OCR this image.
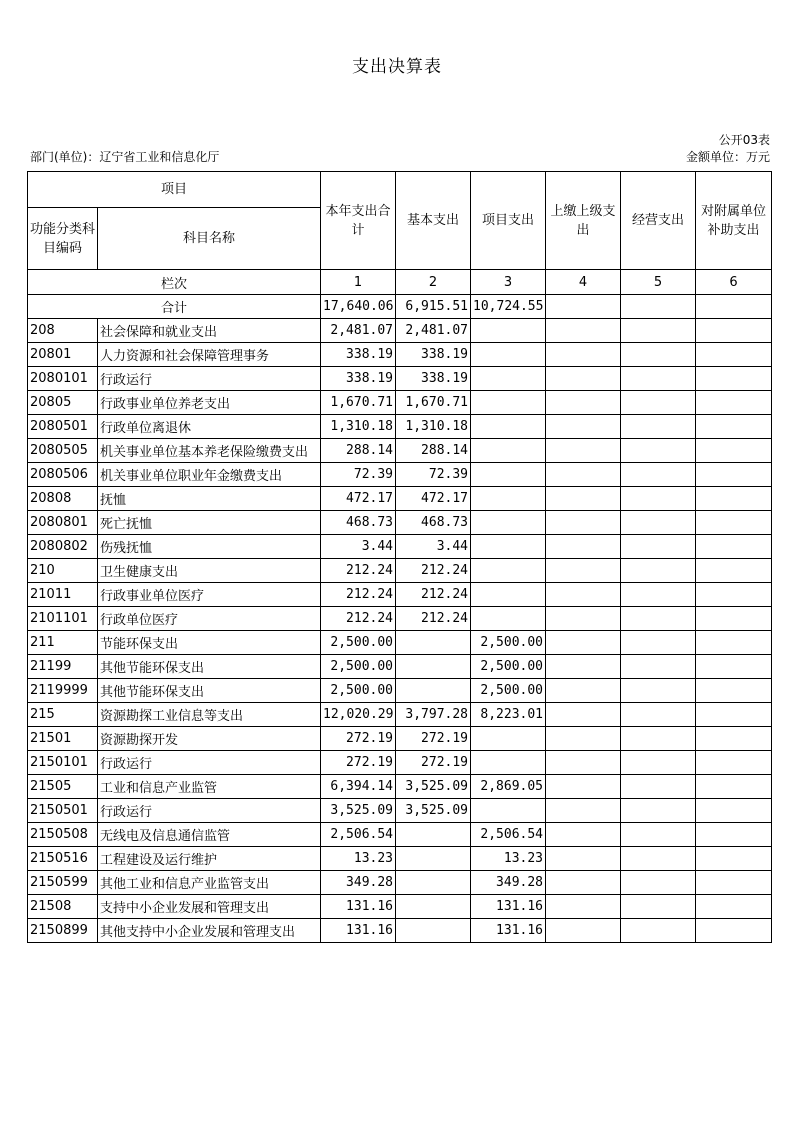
支出决算表
公开03表
部门(单位)：辽宁省工业和信息化厅	金额单位：万元
项目		本年支出合计	基本支出	项目支出	上缴上级支出	经营支出	对附属单位补助支出
功能分类科目编码	科目名称						
栏次		1	2	3	4	5	6
合计		17,640.06	6,915.51	10,724.55			
208	社会保障和就业支出	2,481.07	2,481.07				
20801	人力资源和社会保障管理事务	338.19	338.19				
2080101	行政运行	338.19	338.19				
20805	行政事业单位养老支出	1,670.71	1,670.71				
2080501	行政单位离退休	1,310.18	1,310.18				
2080505	机关事业单位基本养老保险缴费支出	288.14	288.14				
2080506	机关事业单位职业年金缴费支出	72.39	72.39				
20808	抚恤	472.17	472.17				
2080801	死亡抚恤	468.73	468.73				
2080802	伤残抚恤	3.44	3.44				
210	卫生健康支出	212.24	212.24				
21011	行政事业单位医疗	212.24	212.24				
2101101	行政单位医疗	212.24	212.24				
211	节能环保支出	2,500.00		2,500.00			
21199	其他节能环保支出	2,500.00		2,500.00			
2119999	其他节能环保支出	2,500.00		2,500.00			
215	资源勘探工业信息等支出	12,020.29	3,797.28	8,223.01			
21501	资源勘探开发	272.19	272.19				
2150101	行政运行	272.19	272.19				
21505	工业和信息产业监管	6,394.14	3,525.09	2,869.05			
2150501	行政运行	3,525.09	3,525.09				
2150508	无线电及信息通信监管	2,506.54		2,506.54			
2150516	工程建设及运行维护	13.23		13.23			
2150599	其他工业和信息产业监管支出	349.28		349.28			
21508	支持中小企业发展和管理支出	131.16		131.16			
2150899	其他支持中小企业发展和管理支出	131.16		131.16			
